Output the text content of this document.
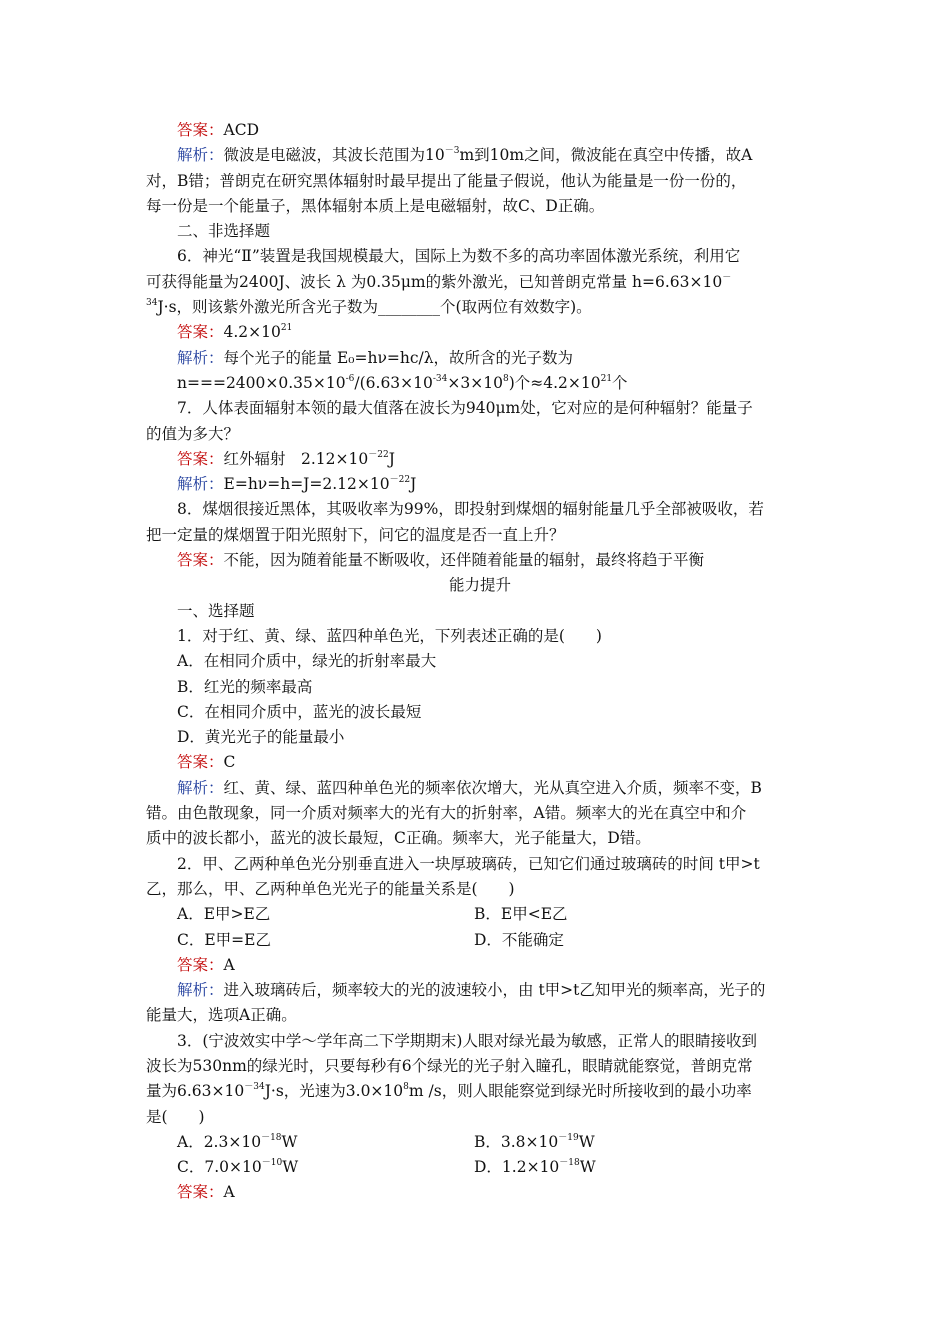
答案：ACD
解析：微波是电磁波，其波长范围为$10^{-3}m$到10m之间，微波能在真空中传播，故A
对，B错；普朗克在研究黑体辐射时最早提出了能量子假说，他认为能量是一份一份的，
每一份是一个能量子，黑体辐射本质上是电磁辐射，故C、D正确。
二、非选择题
6．神光“Ⅱ”装置是我国规模最大，国际上为数不多的高功率固体激光系统，利用它
可获得能量为2400J、波长 λ 为0.35μm的紫外激光，已知普朗克常量 h=6.63×10－
$^{34}$J·s，则该紫外激光所含光子数为________个(取两位有效数字)。
答案：$4.2\times 10^{21}$
解析：每个光子的能量 E₀=hν=hc/λ，故所含的光子数为
$n===2400\times 0.35\times 10^{-6}/(6.63\times 10^{-34}\times 3\times 10^8)$个$\approx 4.2\times 10^{21}$个
7．人体表面辐射本领的最大值落在波长为940μm处，它对应的是何种辐射？能量子
的值为多大？
答案：红外辐射　$2.12\times 10^{-22}J$
解析：$E=h\nu=h=J=2.12\times 10^{-22}J$
8．煤烟很接近黑体，其吸收率为99%，即投射到煤烟的辐射能量几乎全部被吸收，若
把一定量的煤烟置于阳光照射下，问它的温度是否一直上升？
答案：不能，因为随着能量不断吸收，还伴随着能量的辐射，最终将趋于平衡
能力提升
一、选择题
1．对于红、黄、绿、蓝四种单色光，下列表述正确的是(　　)
A．在相同介质中，绿光的折射率最大
B．红光的频率最高
C．在相同介质中，蓝光的波长最短
D．黄光光子的能量最小
答案：C
解析：红、黄、绿、蓝四种单色光的频率依次增大，光从真空进入介质，频率不变，B
错。由色散现象，同一介质对频率大的光有大的折射率，A错。频率大的光在真空中和介
质中的波长都小，蓝光的波长最短，C正确。频率大，光子能量大，D错。
2．甲、乙两种单色光分别垂直进入一块厚玻璃砖，已知它们通过玻璃砖的时间 t甲>t
乙，那么，甲、乙两种单色光光子的能量关系是(　　)
A．E甲>E乙	B．E甲<E乙
C．E甲=E乙	D．不能确定
答案：A
解析：进入玻璃砖后，频率较大的光的波速较小，由 t甲>t乙知甲光的频率高，光子的
能量大，选项A正确。
3．(宁波效实中学～学年高二下学期期末)人眼对绿光最为敏感，正常人的眼睛接收到
波长为530nm的绿光时，只要每秒有6个绿光的光子射入瞳孔，眼睛就能察觉，普朗克常
量为$6.63\times 10^{-34}J\cdot s$，光速为$3.0\times 10^8m$ /s，则人眼能察觉到绿光时所接收到的最小功率
是(　　)
A．$2.3\times 10^{-18}W$	B．$3.8\times 10^{-19}W$
C．$7.0\times 10^{-10}W$	D．$1.2\times 10^{-18}W$
答案：A
